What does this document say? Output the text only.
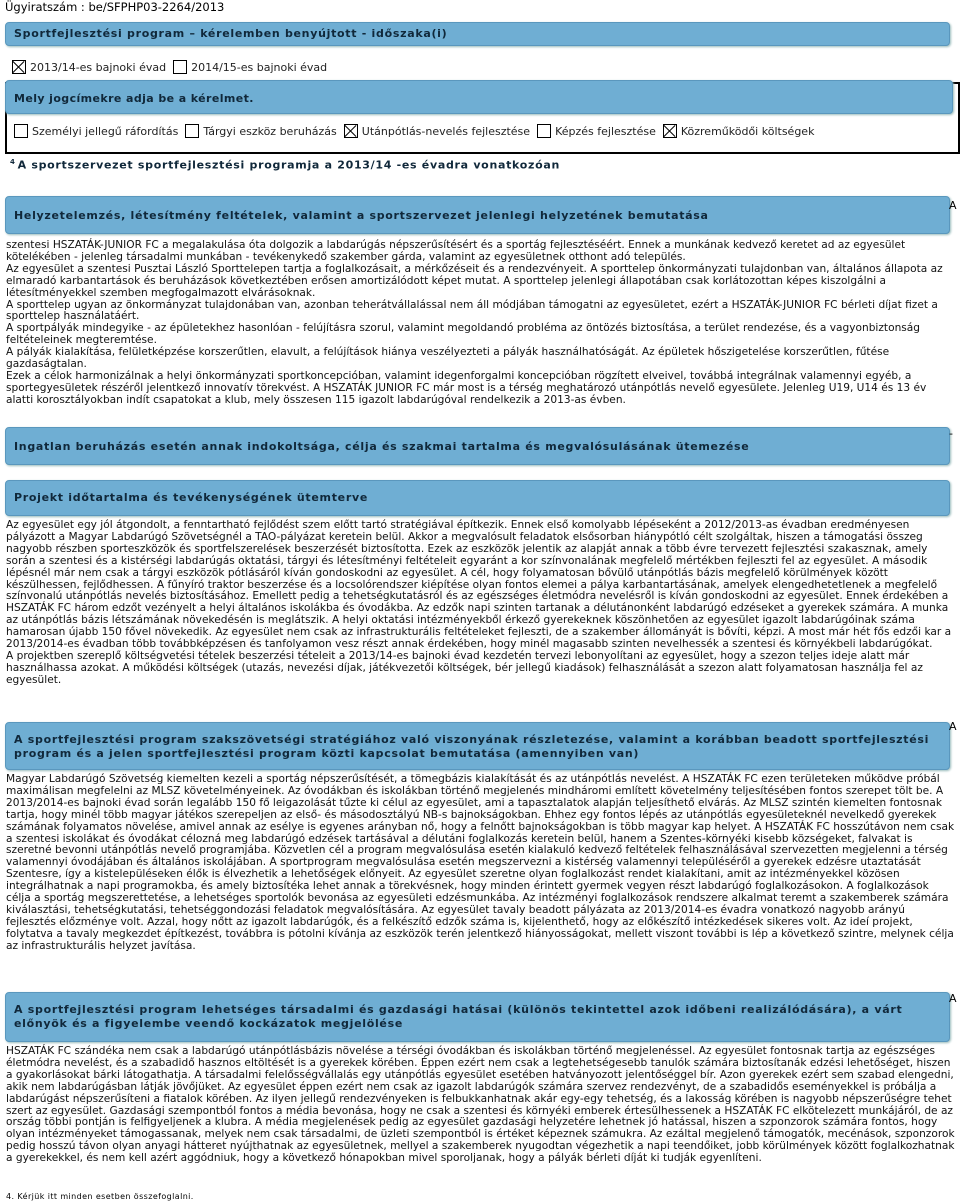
Ügyiratszám : be/SFPHP03-2264/2013
Sportfejlesztési program – kérelemben benyújtott - időszaka(i)
2013/14-es bajnoki évad 2014/15-es bajnoki évad
Mely jogcímekre adja be a kérelmet.
Személyi jellegű ráfordítás Tárgyi eszköz beruházás Utánpótlás-nevelés fejlesztése Képzés fejlesztése Közreműködői költségek
$^4$ A sportszervezet sportfejlesztési programja a 2013/14 -es évadra vonatkozóan
Helyzetelemzés, létesítmény feltételek, valamint a sportszervezet jelenlegi helyzetének bemutatása
A

szentesi HSZATÁK-JUNIOR FC a megalakulása óta dolgozik a labdarúgás népszerűsítésért és a sportág fejlesztéséért. Ennek a munkának kedvező keretet ad az egyesület kötelékében - jelenleg társadalmi munkában - tevékenykedő szakember gárda, valamint az egyesületnek otthont adó település.

Az egyesület a szentesi Pusztai László Sporttelepen tartja a foglalkozásait, a mérkőzéseit és a rendezvényeit. A sporttelep önkormányzati tulajdonban van, általános állapota az elmaradó karbantartások és beruházások következtében erősen amortizálódott képet mutat. A sporttelep jelenlegi állapotában csak korlátozottan képes kiszolgálni a létesítményekkel szemben megfogalmazott elvárásoknak.

A sporttelep ugyan az önkormányzat tulajdonában van, azonban teherátvállalással nem áll módjában támogatni az egyesületet, ezért a HSZATÁK-JUNIOR FC bérleti díjat fizet a sporttelep használatáért.

A sportpályák mindegyike - az épületekhez hasonlóan - felújításra szorul, valamint megoldandó probléma az öntözés biztosítása, a terület rendezése, és a vagyonbiztonság feltételeinek megteremtése.

A pályák kialakítása, felületképzése korszerűtlen, elavult, a felújítások hiánya veszélyezteti a pályák használhatóságát. Az épületek hőszigetelése korszerűtlen, fűtése gazdaságtalan.

Ezek a célok harmonizálnak a helyi önkormányzati sportkoncepcióban, valamint idegenforgalmi koncepcióban rögzített elveivel, továbbá integrálnak valamennyi egyéb, a sportegyesületek részéről jelentkező innovatív törekvést. A HSZATÁK JUNIOR FC már most is a térség meghatározó utánpótlás nevelő egyesülete. Jelenleg U19, U14 és 13 év alatti korosztályokban indít csapatokat a klub, mely összesen 115 igazolt labdarúgóval rendelkezik a 2013-as évben.

Ingatlan beruházás esetén annak indokoltsága, célja és szakmai tartalma és megvalósulásának ütemezése
-
Projekt időtartalma és tevékenységének ütemterve

Az egyesület egy jól átgondolt, a fenntartható fejlődést szem előtt tartó stratégiával építkezik. Ennek első komolyabb lépéseként a 2012/2013-as évadban eredményesen pályázott a Magyar Labdarúgó Szövetségnél a TAO-pályázat keretein belül. Akkor a megvalósult feladatok elsősorban hiánypótló célt szolgáltak, hiszen a támogatási összeg nagyobb részben sporteszközök és sportfelszerelések beszerzését biztosította. Ezek az eszközök jelentik az alapját annak a több évre tervezett fejlesztési szakasznak, amely során a szentesi és a kistérségi labdarúgás oktatási, tárgyi és létesítményi feltételeit egyaránt a kor színvonalának megfelelő mértékben fejleszti fel az egyesület. A második lépésnél már nem csak a tárgyi eszközök pótlásáról kíván gondoskodni az egyesület. A cél, hogy folyamatosan bővülő utánpótlás bázis megfelelő körülmények között készülhessen, fejlődhessen. A fűnyíró traktor beszerzése és a locsolórendszer kiépítése olyan fontos elemei a pálya karbantartásának, amelyek elengedhetetlenek a megfelelő színvonalú utánpótlás nevelés biztosításához. Emellett pedig a tehetségkutatásról és az egészséges életmódra nevelésről is kíván gondoskodni az egyesület. Ennek érdekében a HSZATÁK FC három edzőt vezényelt a helyi általános iskolákba és óvodákba. Az edzők napi szinten tartanak a délutánonként labdarúgó edzéseket a gyerekek számára. A munka az utánpótlás bázis létszámának növekedésén is meglátszik. A helyi oktatási intézményekből érkező gyerekeknek köszönhetően az egyesület igazolt labdarúgóinak száma hamarosan újabb 150 fővel növekedik. Az egyesület nem csak az infrastrukturális feltételeket fejleszti, de a szakember állományát is bővíti, képzi. A most már hét fős edzői kar a 2013/2014-es évadban több továbbképzésen és tanfolyamon vesz részt annak érdekében, hogy minél magasabb szinten nevelhessék a szentesi és környékbeli labdarúgókat.

A projektben szereplő költségvetési tételek beszerzési tételeit a 2013/14-es bajnoki évad kezdetén tervezi lebonyolítani az egyesület, hogy a szezon teljes ideje alatt már használhassa azokat. A működési költségek (utazás, nevezési díjak, játékvezetői költségek, bér jellegű kiadások) felhasználását a szezon alatt folyamatosan használja fel az egyesület.

A sportfejlesztési program szakszövetségi stratégiához való viszonyának részletezése, valamint a korábban beadott sportfejlesztési program és a jelen sportfejlesztési program közti kapcsolat bemutatása (amennyiben van)
A

Magyar Labdarúgó Szövetség kiemelten kezeli a sportág népszerűsítését, a tömegbázis kialakítását és az utánpótlás nevelést. A HSZATÁK FC ezen területeken működve próbál maximálisan megfelelni az MLSZ követelményeinek. Az óvodákban és iskolákban történő megjelenés mindháromi említett követelmény teljesítésében fontos szerepet tölt be. A 2013/2014-es bajnoki évad során legalább 150 fő leigazolását tűzte ki célul az egyesület, ami a tapasztalatok alapján teljesíthető elvárás. Az MLSZ szintén kiemelten fontosnak tartja, hogy minél több magyar játékos szerepeljen az első- és másodosztályú NB-s bajnokságokban. Ehhez egy fontos lépés az utánpótlás egyesületeknél nevelkedő gyerekek számának folyamatos növelése, amivel annak az esélye is egyenes arányban nő, hogy a felnőtt bajnokságokban is több magyar kap helyet. A HSZATÁK FC hosszútávon nem csak a szentesi iskolákat és óvodákat célozná meg labdarúgó edzések tartásával a délutáni foglalkozás keretein belül, hanem a Szentes-környéki kisebb községeket, falvakat is szeretné bevonni utánpótlás nevelő programjába. Közvetlen cél a program megvalósulása esetén kialakuló kedvező feltételek felhasználásával szervezetten megjelenni a térség valamennyi óvodájában és általános iskolájában. A sportprogram megvalósulása esetén megszervezni a kistérség valamennyi településéről a gyerekek edzésre utaztatását Szentesre, így a kistelepüléseken élők is élvezhetik a lehetőségek előnyeit. Az egyesület szeretne olyan foglalkozást rendet kialakítani, amit az intézményekkel közösen integrálhatnak a napi programokba, és amely biztosítéka lehet annak a törekvésnek, hogy minden érintett gyermek vegyen részt labdarúgó foglalkozásokon. A foglalkozások célja a sportág megszerettetése, a lehetséges sportolók bevonása az egyesületi edzésmunkába. Az intézményi foglalkozások rendszere alkalmat teremt a szakemberek számára kiválasztási, tehetségkutatási, tehetséggondozási feladatok megvalósítására. Az egyesület tavaly beadott pályázata az 2013/2014-es évadra vonatkozó nagyobb arányú fejlesztés előzménye volt. Azzal, hogy nőtt az igazolt labdarúgók, és a felkészítő edzők száma is, kijelenthető, hogy az előkészítő intézkedések sikeres volt. Az ideí projekt, folytatva a tavaly megkezdet építkezést, továbbra is pótolni kívánja az eszközök terén jelentkező hiányosságokat, mellett viszont további is lép a következő szintre, melynek célja az infrastrukturális helyzet javítása.

A sportfejlesztési program lehetséges társadalmi és gazdasági hatásai (különös tekintettel azok időbeni realizálódására), a várt előnyök és a figyelembe veendő kockázatok megjelölése
A

HSZATÁK FC szándéka nem csak a labdarúgó utánpótlásbázis növelése a térségi óvodákban és iskolákban történő megjelenéssel. Az egyesület fontosnak tartja az egészséges életmódra nevelést, és a szabadidő hasznos eltöltését is a gyerekek körében. Éppen ezért nem csak a legtehetségesebb tanulók számára biztosítanák edzési lehetőséget, hiszen a gyakorlásokat bárki látogathatja. A társadalmi felelősségvállalás egy utánpótlás egyesület esetében hatványozott jelentőséggel bír. Azon gyerekek ezért sem szabad elengedni, akik nem labdarúgásban látják jövőjüket. Az egyesület éppen ezért nem csak az igazolt labdarúgók számára szervez rendezvényt, de a szabadidős eseményekkel is próbálja a labdarúgást népszerűsíteni a fiatalok körében. Az ilyen jellegű rendezvényeken is felbukkanhatnak akár egy-egy tehetség, és a lakosság körében is nagyobb népszerűségre tehet szert az egyesület. Gazdasági szempontból fontos a média bevonása, hogy ne csak a szentesi és környéki emberek értesülhessenek a HSZATÁK FC elkötelezett munkájáról, de az ország többi pontján is felfigyeljenek a klubra. A média megjelenések pedig az egyesület gazdasági helyzetére lehetnek jó hatással, hiszen a szponzorok számára fontos, hogy olyan intézményeket támogassanak, melyek nem csak társadalmi, de üzleti szempontból is értéket képeznek számukra. Az ezáltal megjelenő támogatók, mecénások, szponzorok pedig hosszú távon olyan anyagi hátteret nyújthatnak az egyesületnek, mellyel a szakemberek nyugodtan végezhetik a napi teendőiket, jobb körülmények között foglalkozhatnak a gyerekekkel, és nem kell azért aggódniuk, hogy a következő hónapokban mivel sporoljanak, hogy a pályák bérleti díját ki tudják egyenlíteni.

4. Kérjük itt minden esetben összefoglalni.
